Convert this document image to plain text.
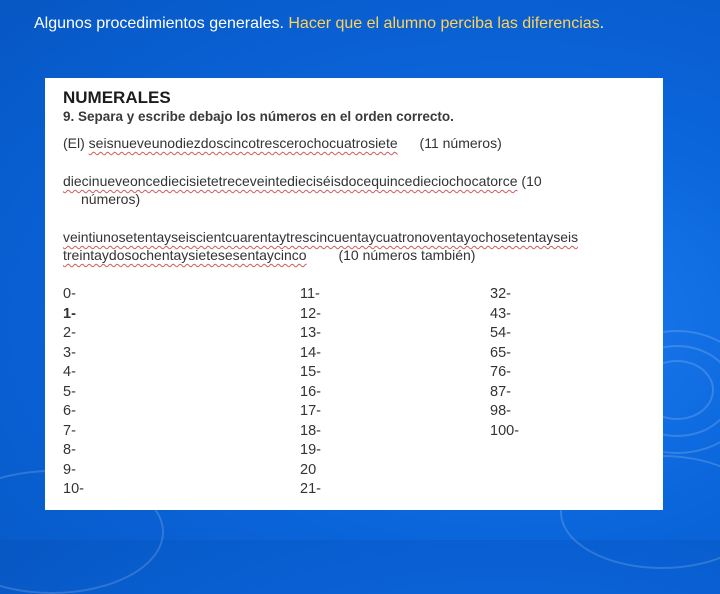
Algunos procedimientos generales. Hacer que el alumno perciba las diferencias.
NUMERALES
9. Separa y escribe debajo los números en el orden correcto.
(El) seisnueveunodiezdoscincotrescerochocuatrosiete (11 números)
diecinueveoncediecisietetreceveintedieciséisdocequincedieciochocatorce (10
números)
veintiunosetentayseiscientcuarentaytrescincuentaycuatronoventayochosetentayseis
treintaydosochentaysietesesentaycinco (10 números también)
0-
1-
2-
3-
4-
5-
6-
7-
8-
9-
10-
11-
12-
13-
14-
15-
16-
17-
18-
19-
20
21-
32-
43-
54-
65-
76-
87-
98-
100-
